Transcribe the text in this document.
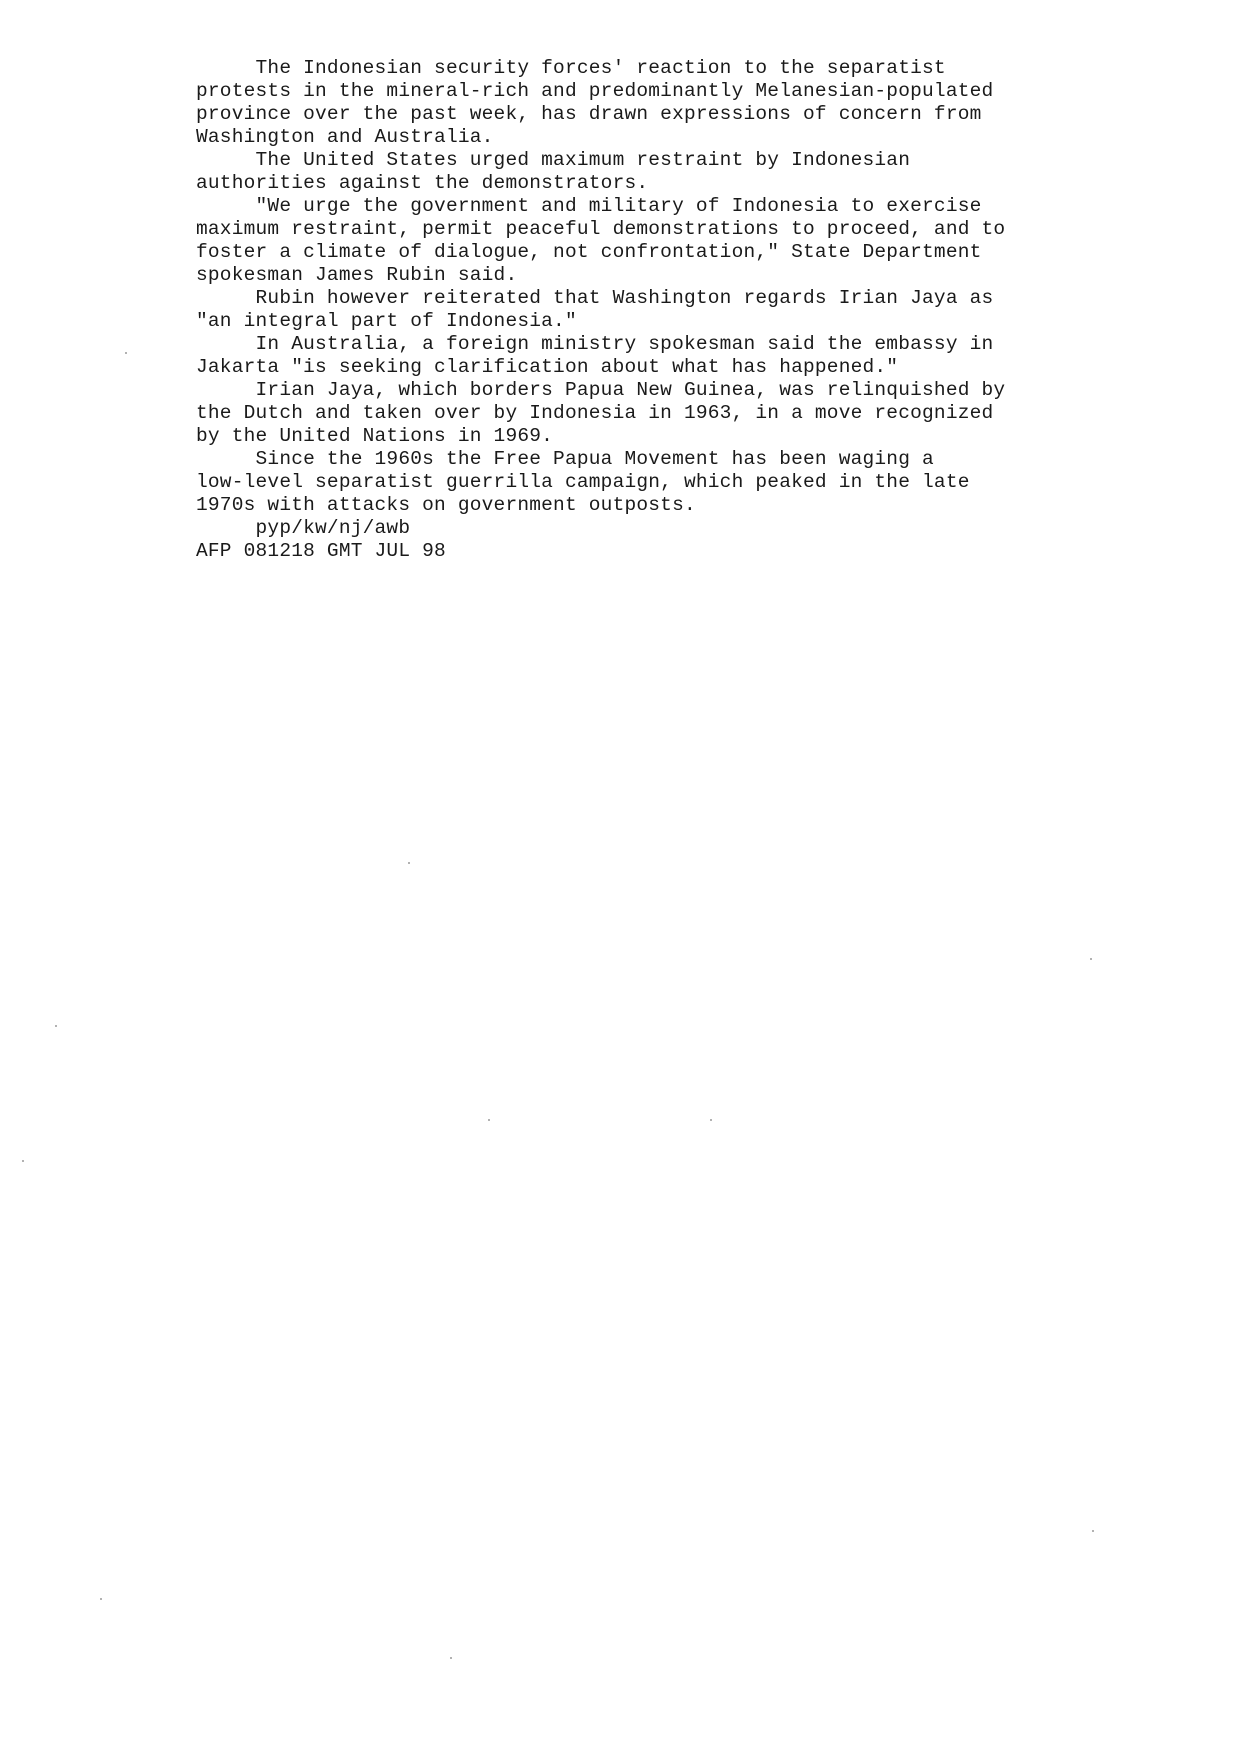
The Indonesian security forces' reaction to the separatist
protests in the mineral-rich and predominantly Melanesian-populated
province over the past week, has drawn expressions of concern from
Washington and Australia.
The United States urged maximum restraint by Indonesian
authorities against the demonstrators.
"We urge the government and military of Indonesia to exercise
maximum restraint, permit peaceful demonstrations to proceed, and to
foster a climate of dialogue, not confrontation," State Department
spokesman James Rubin said.
Rubin however reiterated that Washington regards Irian Jaya as
"an integral part of Indonesia."
In Australia, a foreign ministry spokesman said the embassy in
Jakarta "is seeking clarification about what has happened."
Irian Jaya, which borders Papua New Guinea, was relinquished by
the Dutch and taken over by Indonesia in 1963, in a move recognized
by the United Nations in 1969.
Since the 1960s the Free Papua Movement has been waging a
low-level separatist guerrilla campaign, which peaked in the late
1970s with attacks on government outposts.
pyp/kw/nj/awb
AFP 081218 GMT JUL 98
